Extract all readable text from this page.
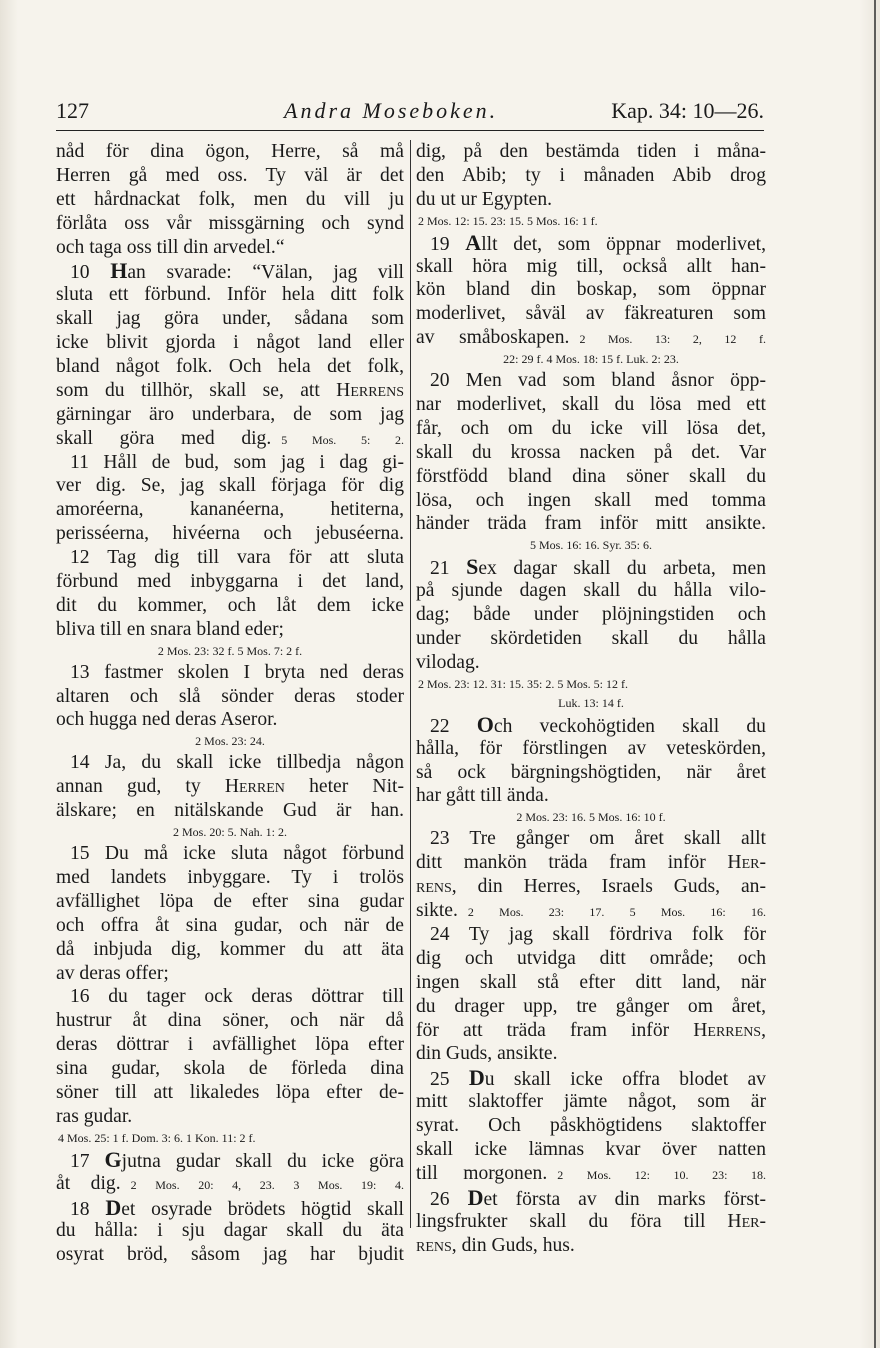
127	Andra Moseboken.	Kap. 34: 10—26.
nåd för dina ögon, Herre, så må
Herren gå med oss. Ty väl är det
ett hårdnackat folk, men du vill ju
förlåta oss vår missgärning och synd
och taga oss till din arvedel.“
10 Han svarade: “Välan, jag vill
sluta ett förbund. Inför hela ditt folk
skall jag göra under, sådana som
icke blivit gjorda i något land eller
bland något folk. Och hela det folk,
som du tillhör, skall se, att Herrens
gärningar äro underbara, de som jag
skall göra med dig. 5 Mos. 5: 2.
11 Håll de bud, som jag i dag gi-
ver dig. Se, jag skall förjaga för dig
amoréerna, kananéerna, hetiterna,
perisséerna, hivéerna och jebuséerna.
12 Tag dig till vara för att sluta
förbund med inbyggarna i det land,
dit du kommer, och låt dem icke
bliva till en snara bland eder;
2 Mos. 23: 32 f. 5 Mos. 7: 2 f.
13 fastmer skolen I bryta ned deras
altaren och slå sönder deras stoder
och hugga ned deras Aseror.
2 Mos. 23: 24.
14 Ja, du skall icke tillbedja någon
annan gud, ty Herren heter Nit-
älskare; en nitälskande Gud är han.
2 Mos. 20: 5. Nah. 1: 2.
15 Du må icke sluta något förbund
med landets inbyggare. Ty i trolös
avfällighet löpa de efter sina gudar
och offra åt sina gudar, och när de
då inbjuda dig, kommer du att äta
av deras offer;
16 du tager ock deras döttrar till
hustrur åt dina söner, och när då
deras döttrar i avfällighet löpa efter
sina gudar, skola de förleda dina
söner till att likaledes löpa efter de-
ras gudar.
4 Mos. 25: 1 f. Dom. 3: 6. 1 Kon. 11: 2 f.
17 Gjutna gudar skall du icke göra
åt dig. 2 Mos. 20: 4, 23. 3 Mos. 19: 4.
18 Det osyrade brödets högtid skall
du hålla: i sju dagar skall du äta
osyrat bröd, såsom jag har bjudit
dig, på den bestämda tiden i måna-
den Abib; ty i månaden Abib drog
du ut ur Egypten.
2 Mos. 12: 15. 23: 15. 5 Mos. 16: 1 f.
19 Allt det, som öppnar moderlivet,
skall höra mig till, också allt han-
kön bland din boskap, som öppnar
moderlivet, såväl av fäkreaturen som
av småboskapen. 2 Mos. 13: 2, 12 f.
22: 29 f. 4 Mos. 18: 15 f. Luk. 2: 23.
20 Men vad som bland åsnor öpp-
nar moderlivet, skall du lösa med ett
får, och om du icke vill lösa det,
skall du krossa nacken på det. Var
förstfödd bland dina söner skall du
lösa, och ingen skall med tomma
händer träda fram inför mitt ansikte.
5 Mos. 16: 16. Syr. 35: 6.
21 Sex dagar skall du arbeta, men
på sjunde dagen skall du hålla vilo-
dag; både under plöjningstiden och
under skördetiden skall du hålla
vilodag.
2 Mos. 23: 12. 31: 15. 35: 2. 5 Mos. 5: 12 f.
Luk. 13: 14 f.
22 Och veckohögtiden skall du
hålla, för förstlingen av veteskörden,
så ock bärgningshögtiden, när året
har gått till ända.
2 Mos. 23: 16. 5 Mos. 16: 10 f.
23 Tre gånger om året skall allt
ditt mankön träda fram inför Her-
rens, din Herres, Israels Guds, an-
sikte. 2 Mos. 23: 17. 5 Mos. 16: 16.
24 Ty jag skall fördriva folk för
dig och utvidga ditt område; och
ingen skall stå efter ditt land, när
du drager upp, tre gånger om året,
för att träda fram inför Herrens,
din Guds, ansikte.
25 Du skall icke offra blodet av
mitt slaktoffer jämte något, som är
syrat. Och påskhögtidens slaktoffer
skall icke lämnas kvar över natten
till morgonen. 2 Mos. 12: 10. 23: 18.
26 Det första av din marks först-
lingsfrukter skall du föra till Her-
rens, din Guds, hus.
